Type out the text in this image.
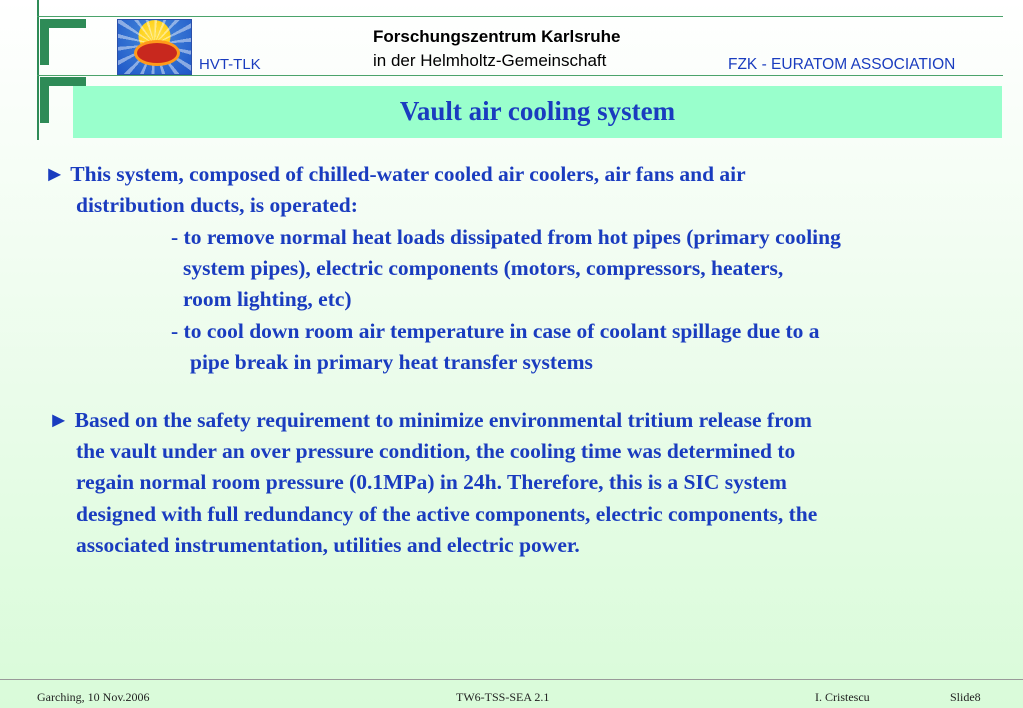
HVT-TLK
Forschungszentrum Karlsruhe
in der Helmholtz-Gemeinschaft	FZK - EURATOM ASSOCIATION
Vault air cooling system
► This system, composed of chilled-water cooled air coolers, air fans and air
distribution ducts, is operated:
- to remove normal heat loads dissipated from hot pipes (primary cooling
system pipes), electric components (motors, compressors, heaters,
room lighting, etc)
- to cool down room air temperature in case of coolant spillage due to a
pipe break in primary heat transfer systems
► Based on the safety requirement to minimize environmental tritium release from
the vault under an over pressure condition, the cooling time was determined to
regain normal room pressure (0.1MPa) in 24h. Therefore, this is a SIC system
designed with full redundancy of the active components, electric components, the
associated instrumentation, utilities and electric power.
Garching, 10 Nov.2006	TW6-TSS-SEA 2.1	I. Cristescu	Slide8
